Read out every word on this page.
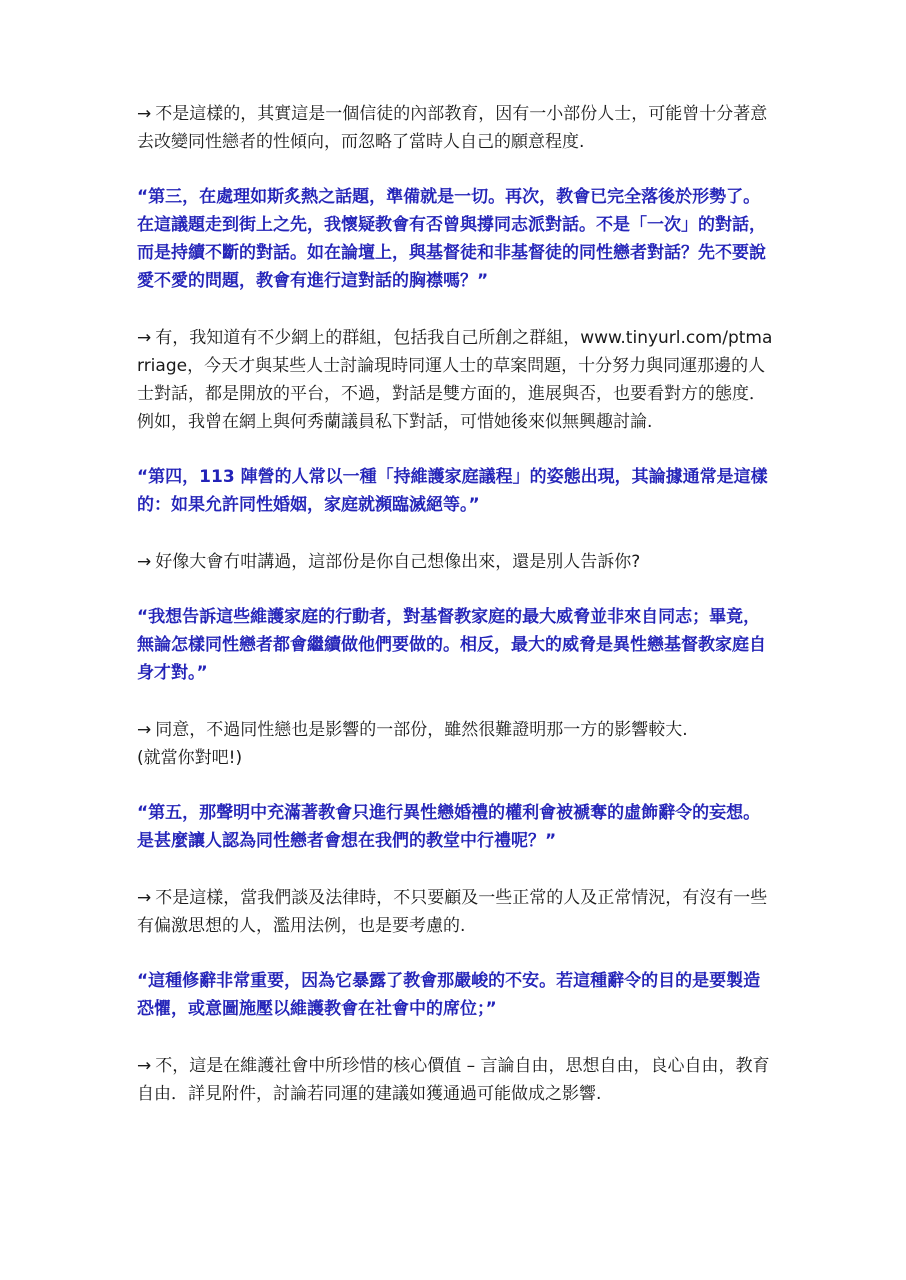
→ 不是這樣的，其實這是一個信徒的內部教育，因有一小部份人士，可能曾十分著意去改變同性戀者的性傾向，而忽略了當時人自己的願意程度.

“第三，在處理如斯炙熱之話題，準備就是一切。再次，教會已完全落後於形勢了。在這議題走到街上之先，我懷疑教會有否曾與撐同志派對話。不是「一次」的對話，而是持續不斷的對話。如在論壇上，與基督徒和非基督徒的同性戀者對話？先不要說愛不愛的問題，教會有進行這對話的胸襟嗎？”

→ 有，我知道有不少網上的群組，包括我自己所創之群組，www.tinyurl.com/ptmarriage，今天才與某些人士討論現時同運人士的草案問題，十分努力與同運那邊的人士對話，都是開放的平台，不過，對話是雙方面的，進展與否，也要看對方的態度．例如，我曾在網上與何秀蘭議員私下對話，可惜她後來似無興趣討論.

“第四，113 陣營的人常以一種「持維護家庭議程」的姿態出現，其論據通常是這樣的：如果允許同性婚姻，家庭就瀕臨滅絕等。”

→ 好像大會冇咁講過，這部份是你自己想像出來，還是別人告訴你?

“我想告訴這些維護家庭的行動者，對基督教家庭的最大威脅並非來自同志；畢竟，無論怎樣同性戀者都會繼續做他們要做的。相反，最大的威脅是異性戀基督教家庭自身才對。”

→ 同意，不過同性戀也是影響的一部份，雖然很難證明那一方的影響較大.
(就當你對吧!)

“第五，那聲明中充滿著教會只進行異性戀婚禮的權利會被褫奪的虛飾辭令的妄想。是甚麼讓人認為同性戀者會想在我們的教堂中行禮呢？”

→ 不是這樣，當我們談及法律時，不只要顧及一些正常的人及正常情況，有沒有一些有偏激思想的人，濫用法例，也是要考慮的.

“這種修辭非常重要，因為它暴露了教會那嚴峻的不安。若這種辭令的目的是要製造恐懼，或意圖施壓以維護教會在社會中的席位；”

→ 不，這是在維護社會中所珍惜的核心價值 – 言論自由，思想自由，良心自由，教育自由．詳見附件，討論若同運的建議如獲通過可能做成之影響.
